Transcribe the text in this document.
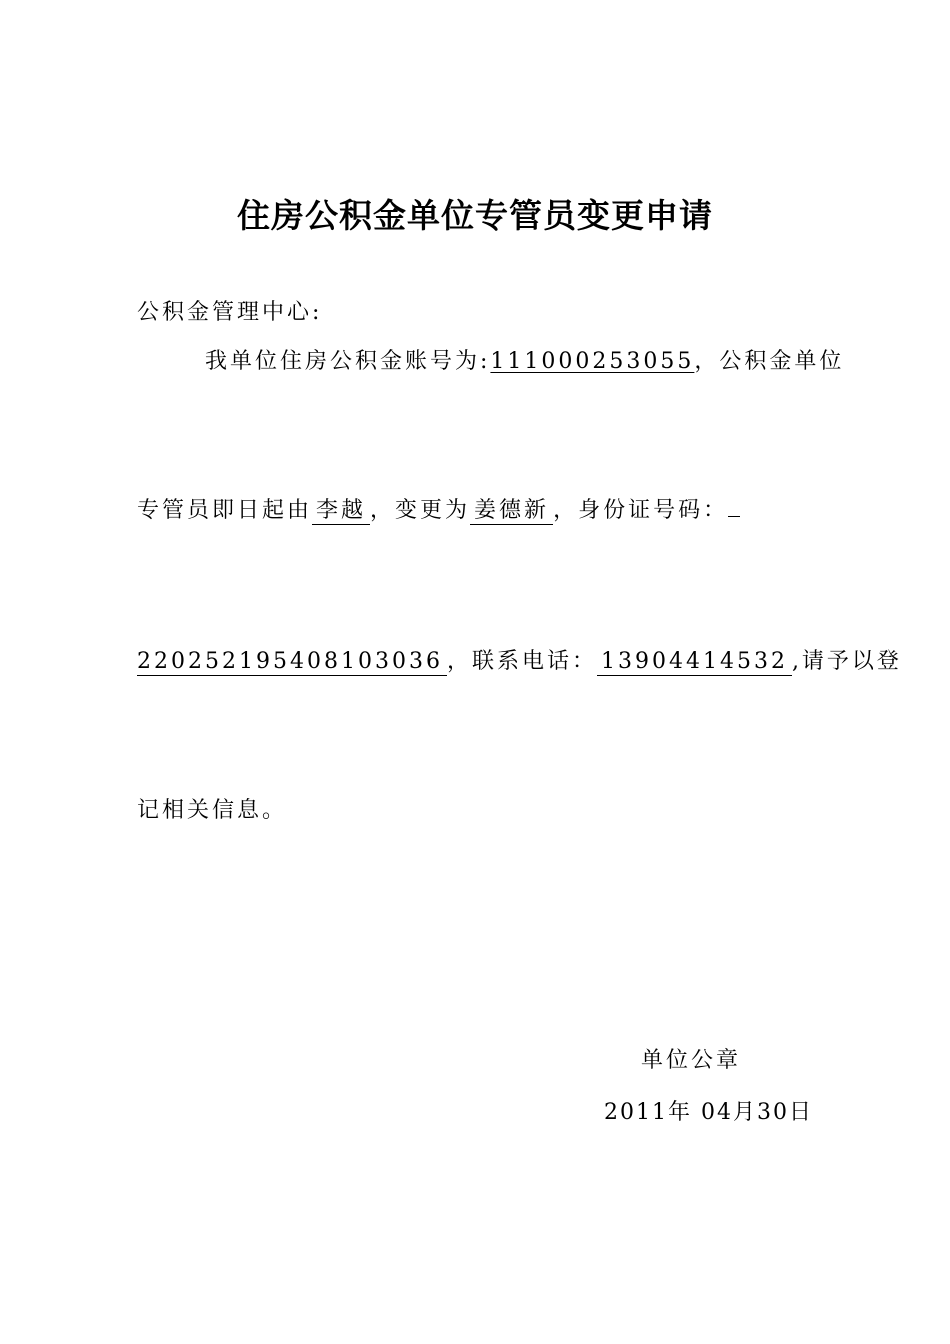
住房公积金单位专管员变更申请
公积金管理中心:
我单位住房公积金账号为:111000253055，公积金单位
专管员即日起由 李越 ，变更为 姜德新 ，身份证号码：
220252195408103036 ，联系电话： 13904414532 ,请予以登
记相关信息。
单位公章
2011年 04月30日
